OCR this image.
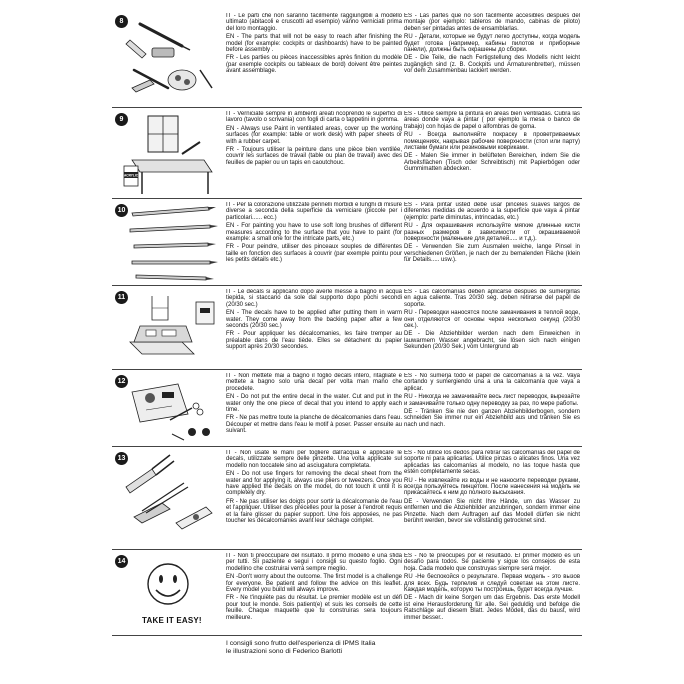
8

IT - Le parti che non saranno facilmente raggiungibili a modello ultimato (abitacoli e cruscotti ad esempio) vanno verniciati prima del loro montaggio.

EN - The parts that will not be easy to reach after finishing the model (for example: cockpits or dashboards) have to be painted before assembly .

FR - Les parties ou pièces inaccessibles après finition du modèle (par exemple cockpits ou tableaux de bord) doivent être peintes avant assemblage.

ES - Las partes que no son fácilmente accesibles después del montaje (por ejemplo: tableros de mando, cabinas de piloto) deben ser pintadas antes de ensamblarlas.

RU - Детали, которые не будут легко доступны, когда модель будет готова (например, кабины пилотов и приборные панели), должны быть окрашены до сборки.

DE - Die Teile, die nach Fertigstellung des Modells nicht leicht zugänglich sind (z. B. Cockpits und Armaturenbretter), müssen vor dem Zusammenbau lackiert werden.

9
ACRYLIC

IT - Verniciate sempre in ambienti areati ricoprendo le superfici di lavoro (tavolo o scrivania) con fogli di carta o tappetini in gomma.

EN - Always use Paint in ventilated areas, cover up the working surfaces (for example: table or work desk) with paper sheets or with a rubber carpet.

FR - Toujours utiliser la peinture dans une pièce bien ventilée, couvrir les surfaces de travail (table ou plan de travail) avec des feuilles de papier ou un tapis en caoutchouc.

ES - Utilice siempre la pintura en áreas bien ventiladas. Cubra las áreas donde vaya a pintar ( por ejemplo la mesa o banco de trabajo) con hojas de papel o alfombras de goma.

RU - Всегда выполняйте покраску в проветриваемых помещениях, накрывая рабочие поверхности (стол или парту) листами бумаги или резиновыми ковриками.

DE - Malen Sie immer in belüfteten Bereichen, indem Sie die Arbeitsflächen (Tisch oder Schreibtisch) mit Papierbögen oder Gummimatten abdecken.

10

IT - Per la colorazione utilizzate pennelli morbidi e lunghi di misure diverse a seconda della superficie da verniciare (piccole per i particolari...... ecc.)

EN - For painting you have to use soft long brushes of different measures according to the surface that you have to paint (for example: a small one for the intricate parts, etc.)

FR - Pour peindre, utiliser des pinceaux souples de différentes taille en fonction des surfaces à couvrir (par exemple pointu pour les petits détails etc.)

ES - Para pintar usted debe usar pinceles suaves largos de diferentes medidas de acuerdo a la superficie que vaya a pintar (ejemplo: parte diminutas, intrincadas, etc.)

RU - Для окрашивания используйте мягкие длинные кисти разных размеров в зависимости от окрашиваемой поверхности (маленькие для деталей..... и т.д.).

DE - Verwenden Sie zum Ausmalen weiche, lange Pinsel in verschiedenen Größen, je nach der zu bemalenden Fläche (klein für Details..... usw.).

11

IT - Le decals si applicano dopo averle messe a bagno in acqua tiepida, si staccano da sole dal supporto dopo pochi secondi (20/30 sec.)

EN - The decals have to be applied after putting them in warm water. They come away from the backing paper after a few seconds (20/30 sec.)

FR - Pour appliquer les décalcomanies, les faire tremper au préalable dans de l'eau tiède. Elles se détachent du papier support après 20/30 secondes.

ES - Las calcomanías deben aplicarse después de sumergirlas en agua caliente. Tras 20/30 seg. deben retirarse del papel de soporte.

RU - Переводки наносятся после замачивания в теплой воде, они отделяются от основы через несколько секунд (20/30 сек.).

DE - Die Abziehbilder werden nach dem Einweichen in lauwarmem Wasser angebracht, sie lösen sich nach einigen Sekunden (20/30 Sek.) vom Untergrund ab

12

IT - Non mettete mai a bagno il foglio decals intero, ritagliate e mettete a bagno solo una decal per volta man mano che procedete.

EN - Do not put the entire decal in the water. Cut and put in the water only the one piece of decal that you intend to apply each time.

FR - Ne pas mettre toute la planche de décalcomanies dans l'eau. Découper et mettre dans l'eau le motif à poser. Passer ensuite au suivant.

ES - No sumerja todo el papel de calcomanías a la vez. Vaya cortando y sumergiendo una a una la calcomanía que vaya a aplicar.

RU - Никогда не замачивайте весь лист переводок, вырезайте и замачивайте только одну переводку за раз, по мере работы.

DE - Tränken Sie nie den ganzen Abziehbilderbogen, sondern schneiden Sie immer nur ein Abziehbild aus und tränken Sie es nach und nach.

13

IT - Non usate le mani per togliere dall'acqua e applicare le decals, utilizzate sempre delle pinzette. Una volta applicate sul modello non toccatele sino ad asciugatura completata.

EN - Do not use fingers for removing the decal sheet from the water and for applying it, always use pliers or tweezers. Once you have applied the decals on the model, do not touch it until it is completely dry.

FR - Ne pas utiliser les doigts pour sortir la décalcomanie de l'eau et l'appliquer. Utiliser des précelles pour la poser à l'endroit requis et la faire glisser du papier support. Une fois apposées, ne pas toucher les décalcomanies avant leur séchage complet.

ES - No utilice los dedos para retirar las calcomanías del papel de soporte ni para aplicarlas. Utilice pinzas o alicates finos. Una vez aplicadas las calcomanías al modelo, no las toque hasta que estén completamente secas.

RU - Не извлекайте из воды и не наносите переводки руками, всегда пользуйтесь пинцетом. После нанесения на модель не прикасайтесь к ним до полного высыхания.

DE - Verwenden Sie nicht Ihre Hände, um das Wasser zu entfernen und die Abziehbilder anzubringen, sondern immer eine Pinzette. Nach dem Auftragen auf das Modell dürfen sie nicht berührt werden, bevor sie vollständig getrocknet sind.

14
TAKE IT EASY!

IT - Non ti preoccupare del risultato. Il primo modello è una sfida per tutti. Sii paziente e segui i consigli su questo foglio. Ogni modellino che costruirai verrà sempre meglio.

EN -Don't worry about the outcome. The first model is a challenge for everyone. Be patient and follow the advice on this leaflet. Every model you build will always improve.

FR - Ne t'inquiète pas du résultat. Le premier modèle est un défi pour tout le monde. Sois patient(e) et suis les conseils de cette feuille. Chaque maquette que tu construiras sera toujours meilleure.

ES - No te preocupes por el resultado. El primer modelo es un desafío para todos. Sé paciente y sigue los consejos de esta hoja. Cada modelo que construyas siempre será mejor.

RU -Не беспокойся о результате. Первая модель - это вызов для всех. Будь терпелив и следуй советам на этом листе. Каждая модель, которую ты построишь, будет всегда лучше.

DE - Mach dir keine Sorgen um das Ergebnis. Das erste Modell ist eine Herausforderung für alle. Sei geduldig und befolge die Ratschläge auf diesem Blatt. Jedes Modell, das du baust, wird immer besser..

I consigli sono frutto dell'esperienza di IPMS Italia
le illustrazioni sono di Federico Barlotti
